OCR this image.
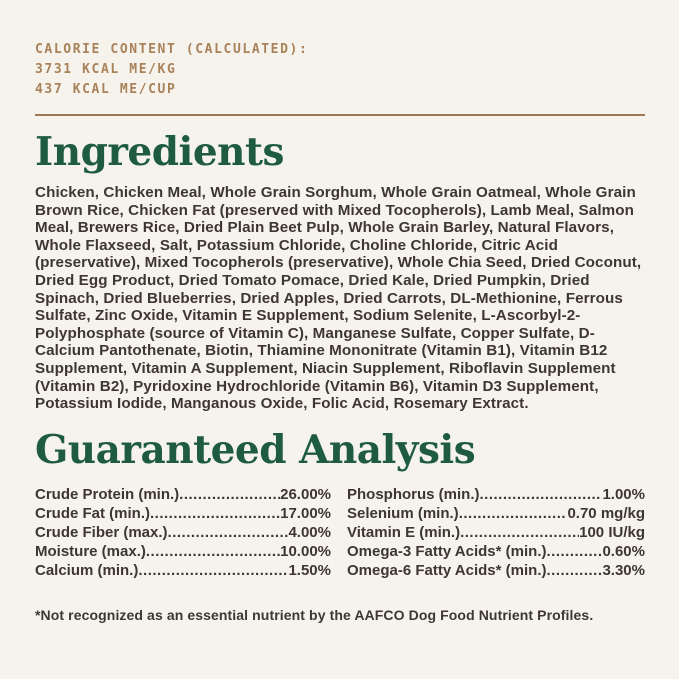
CALORIE CONTENT (CALCULATED):
3731 KCAL ME/KG
437 KCAL ME/CUP
Ingredients

Chicken, Chicken Meal, Whole Grain Sorghum, Whole Grain Oatmeal, Whole Grain Brown Rice, Chicken Fat (preserved with Mixed Tocopherols), Lamb Meal, Salmon Meal, Brewers Rice, Dried Plain Beet Pulp, Whole Grain Barley, Natural Flavors, Whole Flaxseed, Salt, Potassium Chloride, Choline Chloride, Citric Acid (preservative), Mixed Tocopherols (preservative), Whole Chia Seed, Dried Coconut, Dried Egg Product, Dried Tomato Pomace, Dried Kale, Dried Pumpkin, Dried Spinach, Dried Blueberries, Dried Apples, Dried Carrots, DL-Methionine, Ferrous Sulfate, Zinc Oxide, Vitamin E Supplement, Sodium Selenite, L-Ascorbyl-2-Polyphosphate (source of Vitamin C), Manganese Sulfate, Copper Sulfate, D-Calcium Pantothenate, Biotin, Thiamine Mononitrate (Vitamin B1), Vitamin B12 Supplement, Vitamin A Supplement, Niacin Supplement, Riboflavin Supplement (Vitamin B2), Pyridoxine Hydrochloride (Vitamin B6), Vitamin D3 Supplement, Potassium Iodide, Manganous Oxide, Folic Acid, Rosemary Extract.

Guaranteed Analysis
Crude Protein (min.) .....	26.00%
Crude Fat (min.) .....	17.00%
Crude Fiber (max.) .....	4.00%
Moisture (max.) .....	10.00%
Calcium (min.) .....	1.50%
Phosphorus (min.) .....	1.00%
Selenium (min.) .....	0.70 mg/kg
Vitamin E (min.) .....	100 IU/kg
Omega-3 Fatty Acids* (min.) .....	0.60%
Omega-6 Fatty Acids* (min.) .....	3.30%
*Not recognized as an essential nutrient by the AAFCO Dog Food Nutrient Profiles.
